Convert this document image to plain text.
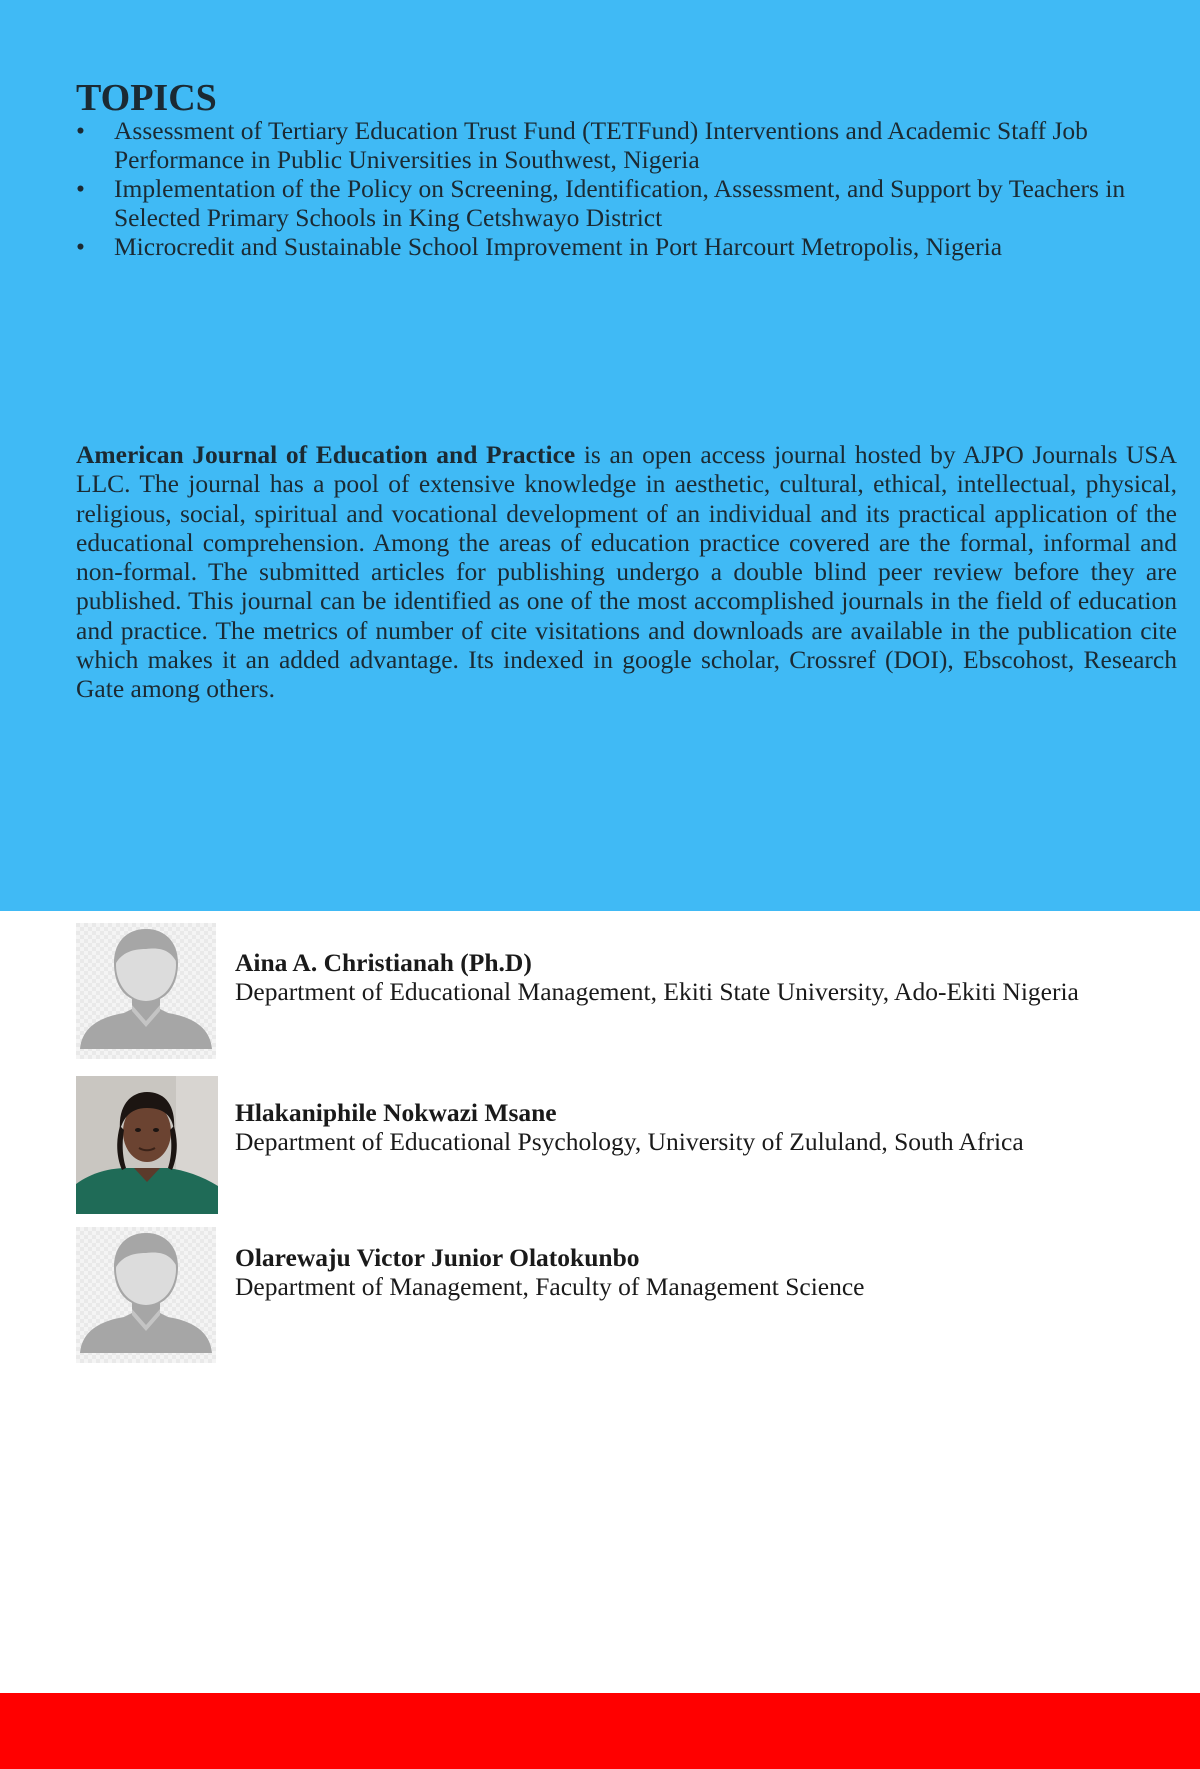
TOPICS
•	Assessment of Tertiary Education Trust Fund (TETFund) Interventions and Academic Staff Job Performance in Public Universities in Southwest, Nigeria
•	Implementation of the Policy on Screening, Identification, Assessment, and Support by Teachers in Selected Primary Schools in King Cetshwayo District
•	Microcredit and Sustainable School Improvement in Port Harcourt Metropolis, Nigeria

American Journal of Education and Practice is an open access journal hosted by AJPO Journals USA LLC. The journal has a pool of extensive knowledge in aesthetic, cultural, ethical, intellectual, physical, religious, social, spiritual and vocational development of an individual and its practical application of the educational comprehension. Among the areas of education practice covered are the formal, informal and non-formal. The submitted articles for publishing undergo a double blind peer review before they are published. This journal can be identified as one of the most accomplished journals in the field of education and practice. The metrics of number of cite visitations and downloads are available in the publication cite which makes it an added advantage. Its indexed in google scholar, Crossref (DOI), Ebscohost, Research Gate among others.

Aina A. Christianah (Ph.D)
Department of Educational Management, Ekiti State University, Ado-Ekiti Nigeria
Hlakaniphile Nokwazi Msane
Department of Educational Psychology, University of Zululand, South Africa
Olarewaju Victor Junior Olatokunbo
Department of Management, Faculty of Management Science
